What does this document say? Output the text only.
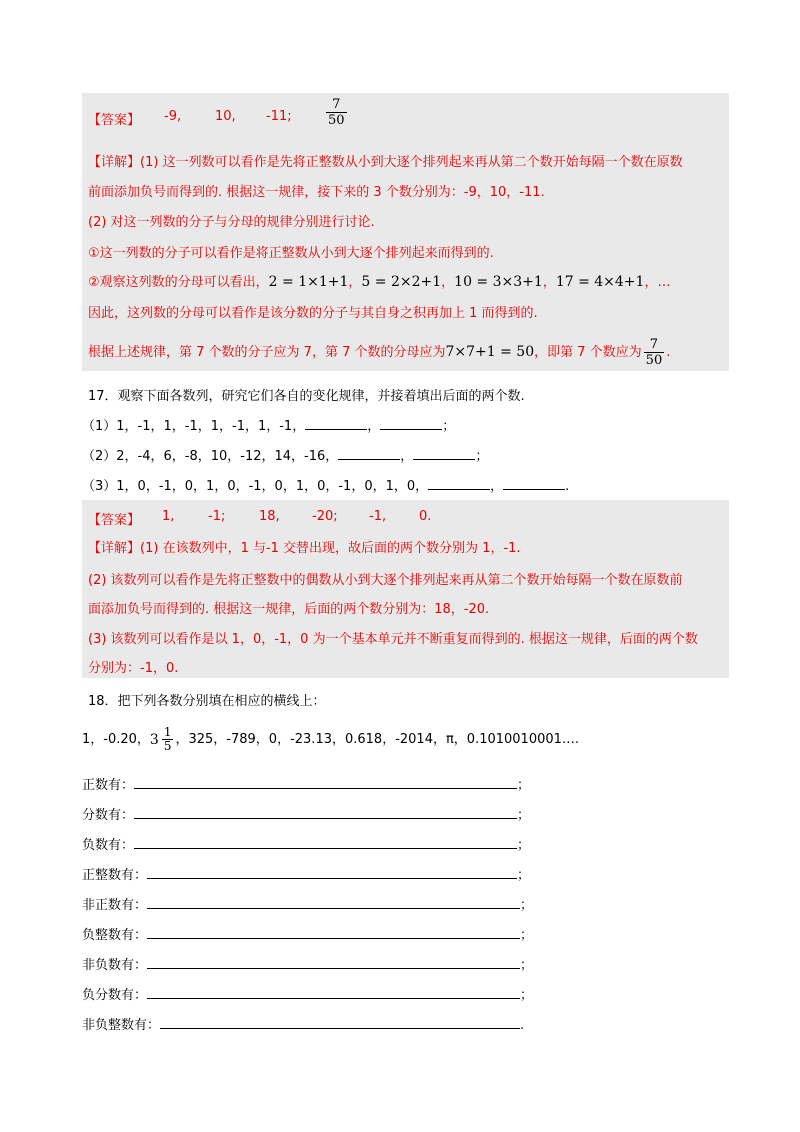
【答案】 -9,	10, -11;	$\frac{7}{50}$
【详解】(1) 这一列数可以看作是先将正整数从小到大逐个排列起来再从第二个数开始每隔一个数在原数
前面添加负号而得到的. 根据这一规律，接下来的 3 个数分别为：-9，10，-11.
(2) 对这一列数的分子与分母的规律分别进行讨论.
①这一列数的分子可以看作是将正整数从小到大逐个排列起来而得到的.
②观察这列数的分母可以看出，2 = 1×1+1，5 = 2×2+1，10 = 3×3+1，17 = 4×4+1，…
因此，这列数的分母可以看作是该分数的分子与其自身之积再加上 1 而得到的.
根据上述规律，第 7 个数的分子应为 7，第 7 个数的分母应为7×7+1 = 50，即第 7 个数应为 $\frac{7}{50}$ .
17．观察下面各数列，研究它们各自的变化规律，并接着填出后面的两个数.
（1）1，-1，1，-1，1，-1，1，-1，	，	；
（2）2，-4，6，-8，10，-12，14，-16，	，	；
（3）1，0，-1，0，1，0，-1，0，1，0，-1，0，1，0，	，	.
【答案】 1,	-1;	18, -20; -1,	0.
【详解】(1) 在该数列中，1 与-1 交替出现，故后面的两个数分别为 1，-1.
(2) 该数列可以看作是先将正整数中的偶数从小到大逐个排列起来再从第二个数开始每隔一个数在原数前
面添加负号而得到的. 根据这一规律，后面的两个数分别为：18，-20.
(3) 该数列可以看作是以 1，0，-1，0 为一个基本单元并不断重复而得到的. 根据这一规律，后面的两个数
分别为：-1，0.
18．把下列各数分别填在相应的横线上：
1，-0.20， $3 \frac{1}{5}$ ，325，-789，0，-23.13，0.618，-2014，π，0.1010010001….
正数有：	；
分数有：	；
负数有：	；
正整数有：	；
非正数有：	；
负整数有：	；
非负数有：	；
负分数有：	；
非负整数有：	.
